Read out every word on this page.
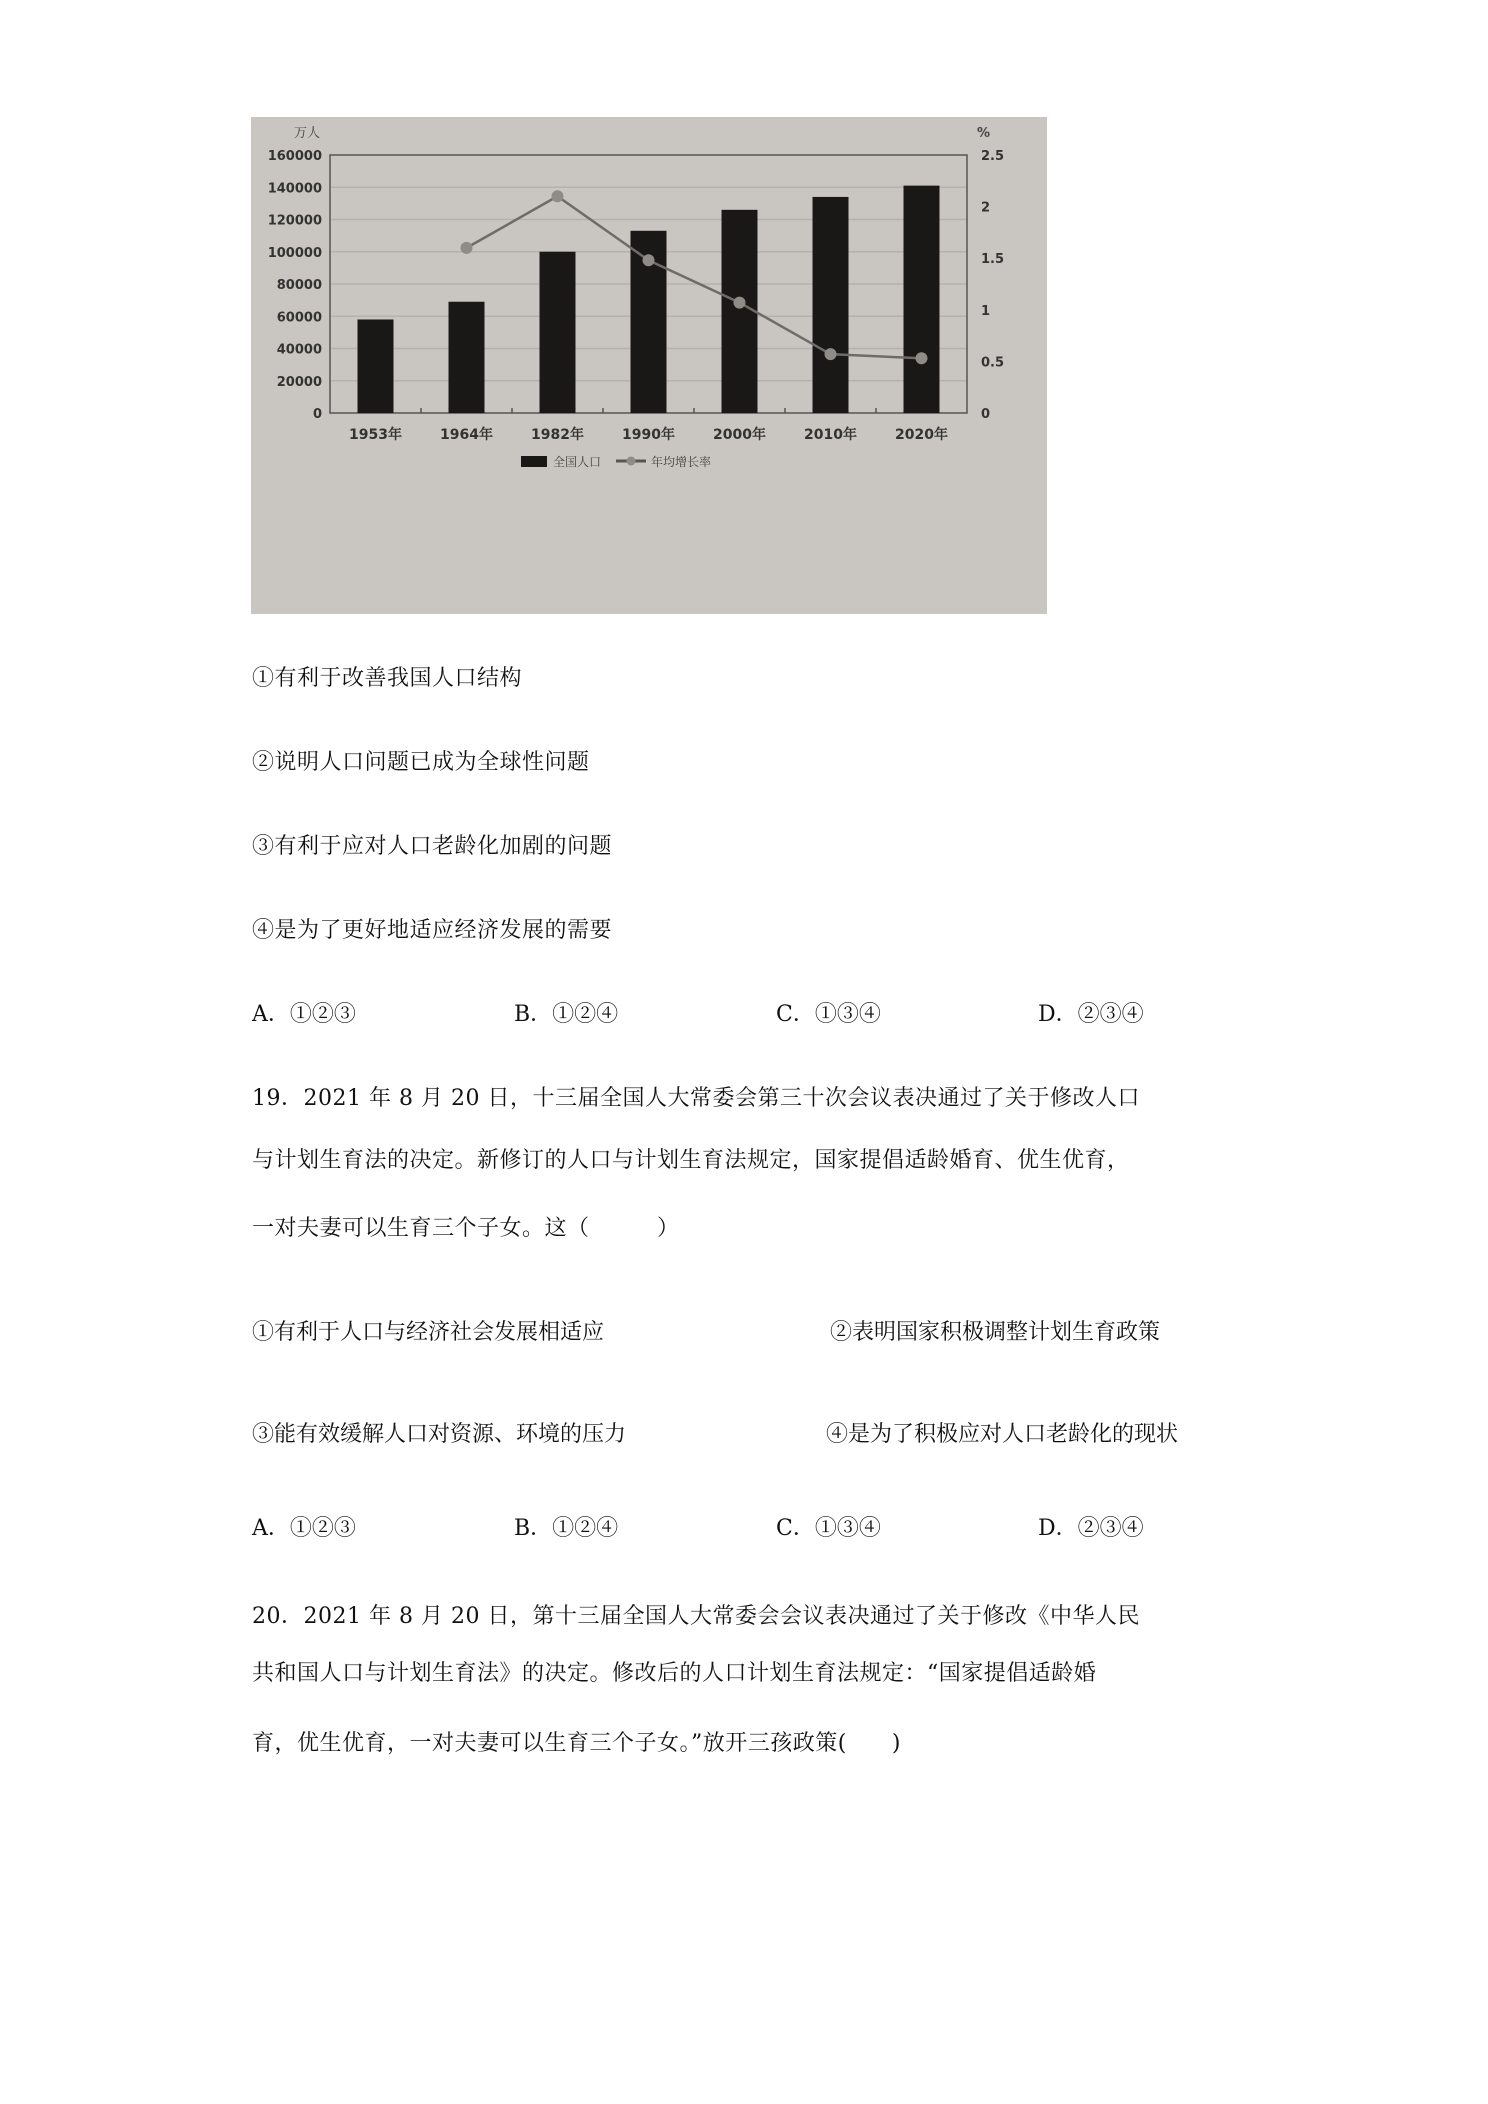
0
20000
40000
60000
80000
100000
120000
140000
160000
0
0.5
1
1.5
2
2.5
万人	%
1953年	1964年	1982年	1990年	2000年	2010年	2020年
全国人口	年均增长率
①有利于改善我国人口结构
②说明人口问题已成为全球性问题
③有利于应对人口老龄化加剧的问题
④是为了更好地适应经济发展的需要
A．①②③	B．①②④	C．①③④	D．②③④
19．2021 年 8 月 20 日，十三届全国人大常委会第三十次会议表决通过了关于修改人口
与计划生育法的决定。新修订的人口与计划生育法规定，国家提倡适龄婚育、优生优育，
一对夫妻可以生育三个子女。这（　　　）
①有利于人口与经济社会发展相适应	②表明国家积极调整计划生育政策
③能有效缓解人口对资源、环境的压力	④是为了积极应对人口老龄化的现状
A．①②③	B．①②④	C．①③④	D．②③④
20．2021 年 8 月 20 日，第十三届全国人大常委会会议表决通过了关于修改《中华人民
共和国人口与计划生育法》的决定。修改后的人口计划生育法规定：“国家提倡适龄婚
育，优生优育，一对夫妻可以生育三个子女。”放开三孩政策(　　)
